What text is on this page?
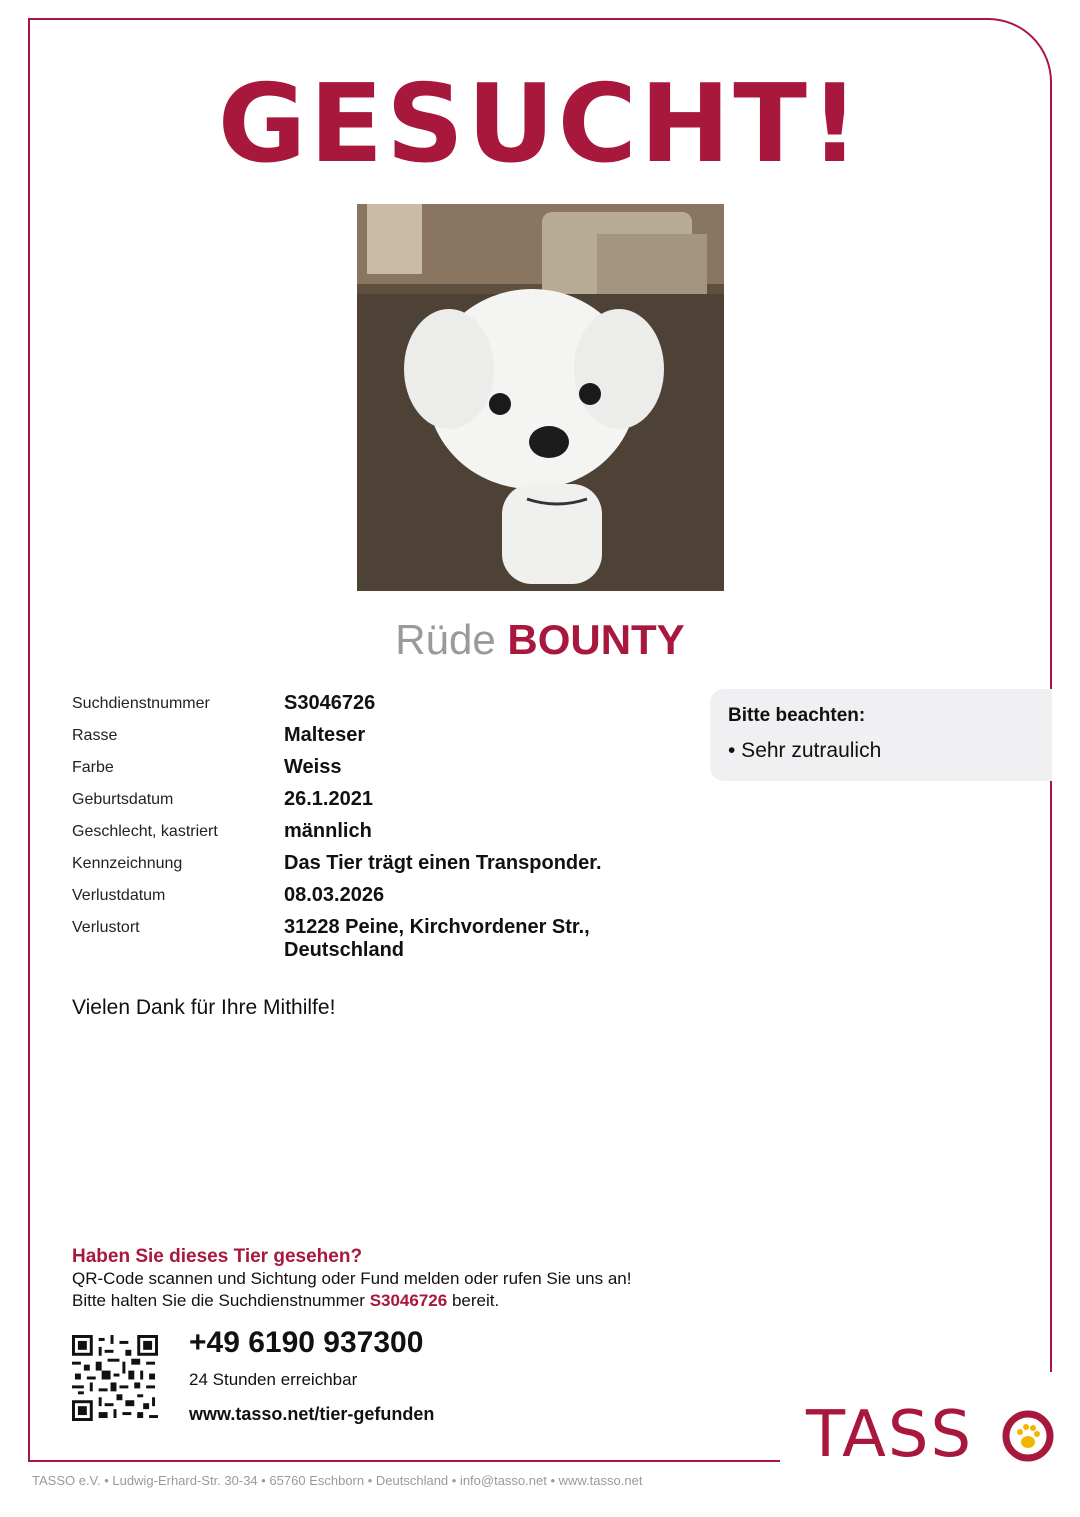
GESUCHT!
Rüde BOUNTY
Suchdienstnummer	S3046726
Rasse	Malteser
Farbe	Weiss
Geburtsdatum	26.1.2021
Geschlecht, kastriert	männlich
Kennzeichnung	Das Tier trägt einen Transponder.
Verlustdatum	08.03.2026
Verlustort	31228 Peine, Kirchvordener Str., Deutschland
Bitte beachten:
• Sehr zutraulich
Vielen Dank für Ihre Mithilfe!
Haben Sie dieses Tier gesehen?
QR-Code scannen und Sichtung oder Fund melden oder rufen Sie uns an!
Bitte halten Sie die Suchdienstnummer S3046726 bereit.
+49 6190 937300
24 Stunden erreichbar
www.tasso.net/tier-gefunden	TASS
TASSO e.V. • Ludwig-Erhard-Str. 30-34 • 65760 Eschborn • Deutschland • info@tasso.net • www.tasso.net
